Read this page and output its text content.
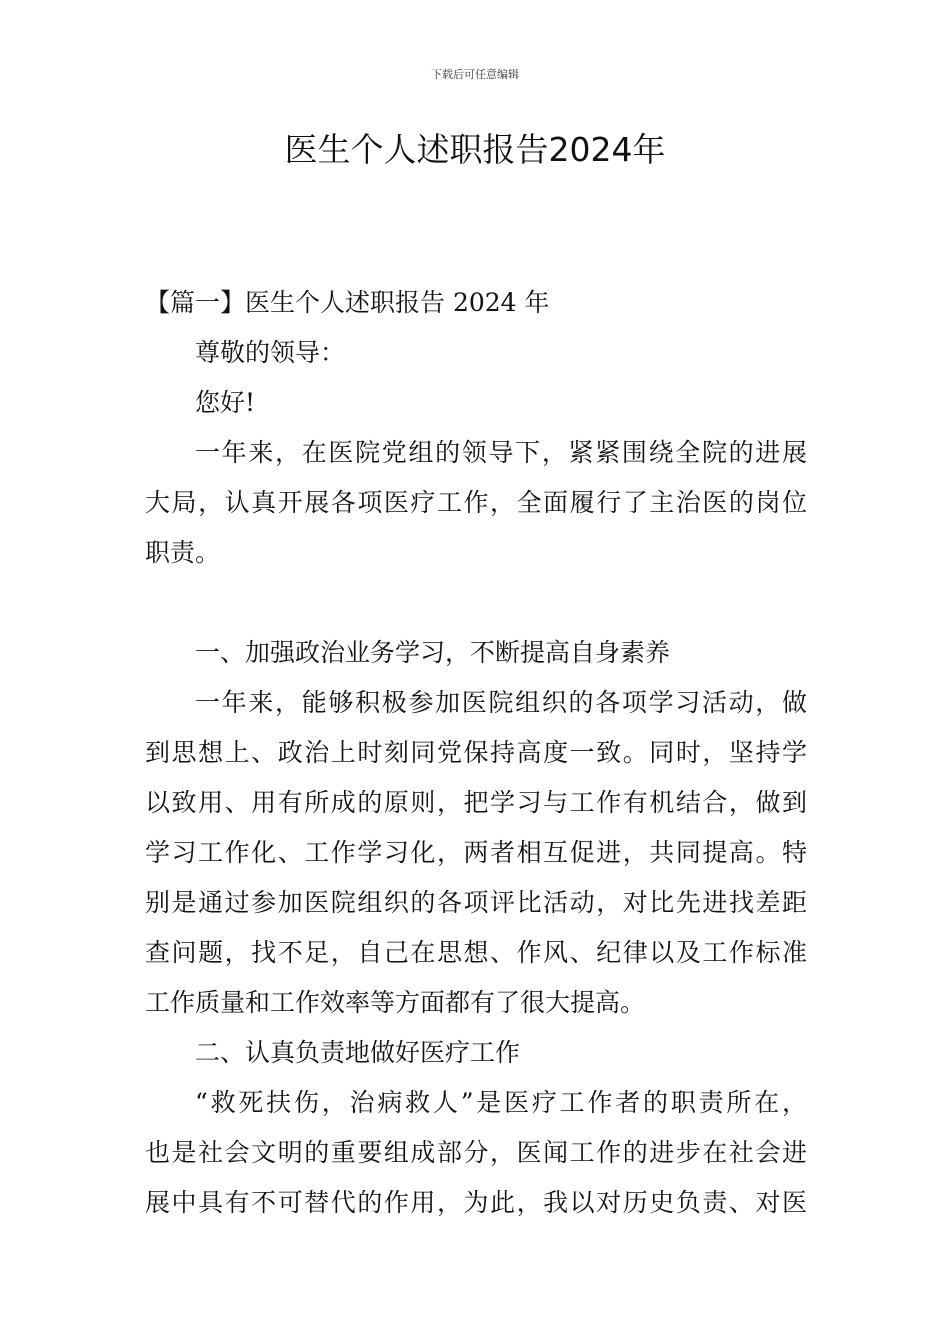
下载后可任意编辑
医生个人述职报告2024年
【篇一】医生个人述职报告 2024 年
尊敬的领导：
您好!
一年来，在医院党组的领导下，紧紧围绕全院的进展
大局，认真开展各项医疗工作，全面履行了主治医的岗位
职责。
一、加强政治业务学习，不断提高自身素养
一年来，能够积极参加医院组织的各项学习活动，做
到思想上、政治上时刻同党保持高度一致。同时，坚持学
以致用、用有所成的原则，把学习与工作有机结合，做到
学习工作化、工作学习化，两者相互促进，共同提高。特
别是通过参加医院组织的各项评比活动，对比先进找差距
查问题，找不足，自己在思想、作风、纪律以及工作标准
工作质量和工作效率等方面都有了很大提高。
二、认真负责地做好医疗工作
“救死扶伤，治病救人”是医疗工作者的职责所在，
也是社会文明的重要组成部分，医闻工作的进步在社会进
展中具有不可替代的作用，为此，我以对历史负责、对医
